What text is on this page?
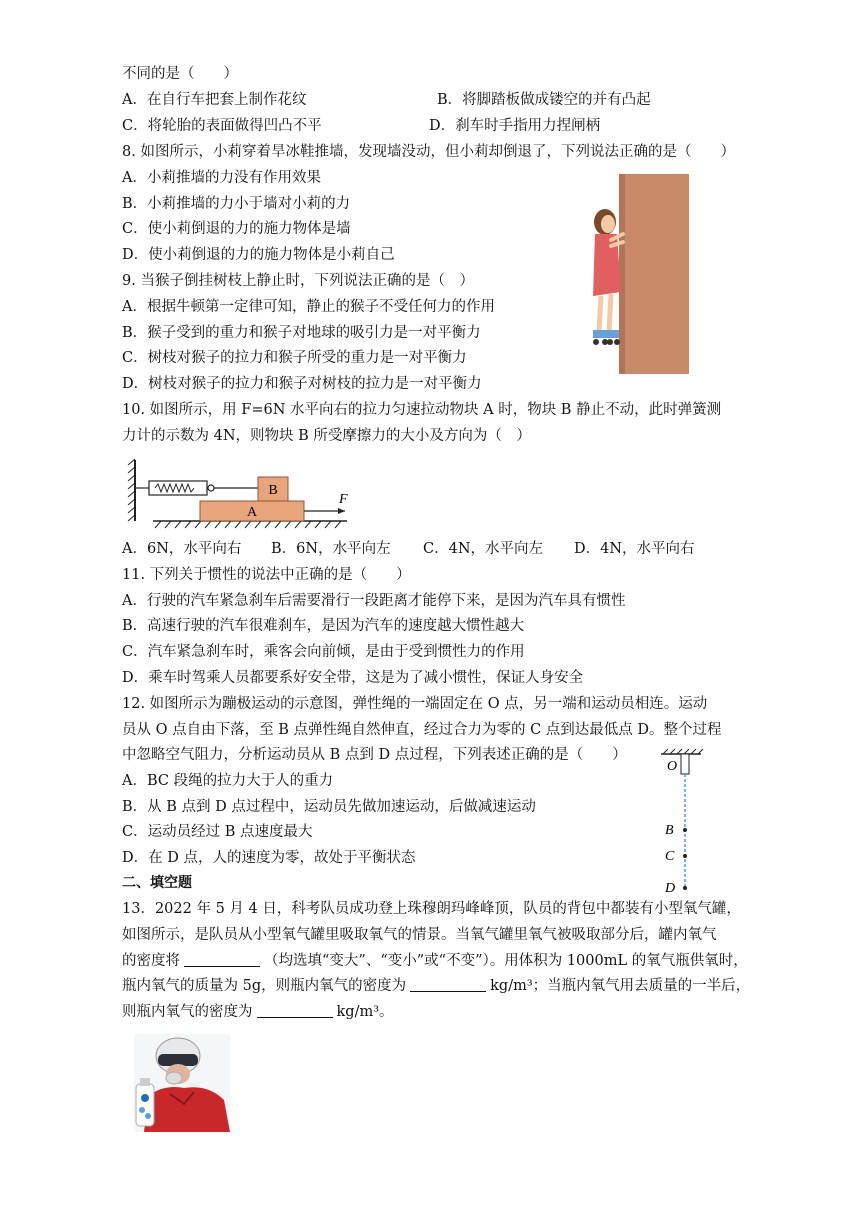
不同的是（　　）
A．在自行车把套上制作花纹	B．将脚踏板做成镂空的并有凸起
C．将轮胎的表面做得凹凸不平	D．刹车时手指用力捏闸柄
8. 如图所示，小莉穿着旱冰鞋推墙，发现墙没动，但小莉却倒退了，下列说法正确的是（　　）
A．小莉推墙的力没有作用效果
B．小莉推墙的力小于墙对小莉的力
C．使小莉倒退的力的施力物体是墙
D．使小莉倒退的力的施力物体是小莉自己
9. 当猴子倒挂树枝上静止时，下列说法正确的是（　）
A．根据牛顿第一定律可知，静止的猴子不受任何力的作用
B．猴子受到的重力和猴子对地球的吸引力是一对平衡力
C．树枝对猴子的拉力和猴子所受的重力是一对平衡力
D．树枝对猴子的拉力和猴子对树枝的拉力是一对平衡力
10. 如图所示，用 F=6N 水平向右的拉力匀速拉动物块 A 时，物块 B 静止不动，此时弹簧测
力计的示数为 4N，则物块 B 所受摩擦力的大小及方向为（　）
A
B
F
A．6N，水平向右 B．6N，水平向左 C．4N，水平向左 D．4N，水平向右
11. 下列关于惯性的说法中正确的是（　　）
A．行驶的汽车紧急刹车后需要滑行一段距离才能停下来，是因为汽车具有惯性
B．高速行驶的汽车很难刹车，是因为汽车的速度越大惯性越大
C．汽车紧急刹车时，乘客会向前倾，是由于受到惯性力的作用
D．乘车时驾乘人员都要系好安全带，这是为了减小惯性，保证人身安全
12. 如图所示为蹦极运动的示意图，弹性绳的一端固定在 O 点，另一端和运动员相连。运动
员从 O 点自由下落，至 B 点弹性绳自然伸直，经过合力为零的 C 点到达最低点 D。整个过程
中忽略空气阻力，分析运动员从 B 点到 D 点过程，下列表述正确的是（　　）
A．BC 段绳的拉力大于人的重力
B．从 B 点到 D 点过程中，运动员先做加速运动，后做减速运动
C．运动员经过 B 点速度最大
D．在 D 点，人的速度为零，故处于平衡状态
O
B
C
D
二、填空题
13．2022 年 5 月 4 日，科考队员成功登上珠穆朗玛峰峰顶，队员的背包中都装有小型氧气罐，
如图所示，是队员从小型氧气罐里吸取氧气的情景。当氧气罐里氧气被吸取部分后，罐内氧气
的密度将	（均选填“变大”、“变小”或“不变”）。用体积为 1000mL 的氧气瓶供氧时，
瓶内氧气的质量为 5g，则瓶内氧气的密度为	kg/m³；当瓶内氧气用去质量的一半后，
则瓶内氧气的密度为	kg/m³。
